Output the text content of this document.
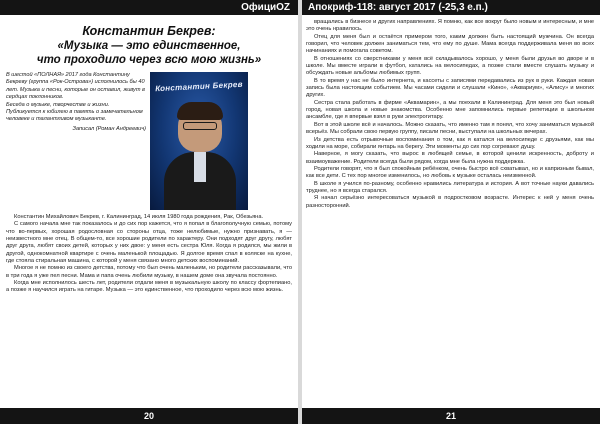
ОфициОZ

Константин Бекрев:

«Музыка — это единственное,

что проходило через всю мою жизнь»

В шестой «ПОЛНАЯ» 2017 года Константину Бекреву (группа «Рок-Острова») исполнилось бы 40 лет. Музыка и песни, которые он оставил, живут в сердцах поклонников.

Беседа о музыке, творчестве и жизни. Публикуется к юбилею в память о замечательном человеке и талантливом музыканте.

Записал (Роман Андреевич)

Константин Бекрев

Константин Михайлович Бекрев, г. Калининград, 14 июля 1980 года рождения, Рак, Обезьяна.

С самого начала мне так показалось и до сих пор кажется, что я попал в благополучную семью, потому что во-первых, хорошая родословная со стороны отца, тоже нелюбимые, нужно признавать, я — неизвестного мне отец. В общем-то, все хорошие родители по характеру. Они подходят друг другу, любят друг друга, любят своих детей, которых у них двое: у меня есть сестра Юля. Когда я родился, мы жили в другой, однокомнатной квартире с очень маленькой площадью. Я долгое время спал в коляске на кухне, где стояла стиральная машина, с которой у меня связано много детских воспоминаний.

Многое я не помню из своего детства, потому что был очень маленьким, но родители рассказывали, что в три года я уже пел песни. Мама и папа очень любили музыку, в нашем доме она звучала постоянно.

Когда мне исполнилось шесть лет, родители отдали меня в музыкальную школу по классу фортепиано, а позже я научился играть на гитаре. Музыка — это единственное, что проходило через всю мою жизнь.

20
Апокриф-118: август 2017 (-25,3 е.п.)

вращались в бизнесе и других направлениях. Я помню, как все вокруг было новым и интересным, и мне это очень нравилось.

Отец для меня был и остаётся примером того, каким должен быть настоящий мужчина. Он всегда говорил, что человек должен заниматься тем, что ему по душе. Мама всегда поддерживала меня во всех начинаниях и помогала советом.

В отношениях со сверстниками у меня всё складывалось хорошо, у меня были друзья во дворе и в школе. Мы вместе играли в футбол, катались на велосипедах, а позже стали вместе слушать музыку и обсуждать новые альбомы любимых групп.

В то время у нас не было интернета, и кассеты с записями передавались из рук в руки. Каждая новая запись была настоящим событием. Мы часами сидели и слушали «Кино», «Аквариум», «Алису» и многих других.

Сестра стала работать в фирме «Аквамарин», а мы поехали в Калининград. Для меня это был новый город, новая школа и новые знакомства. Особенно мне запомнились первые репетиции в школьном ансамбле, где я впервые взял в руки электрогитару.

Вот в этой школе всё и началось. Можно сказать, что именно там я понял, что хочу заниматься музыкой всерьёз. Мы собрали свою первую группу, писали песни, выступали на школьных вечерах.

Из детства есть отрывочные воспоминания о том, как я катался на велосипеде с друзьями, как мы ходили на море, собирали янтарь на берегу. Эти моменты до сих пор согревают душу.

Наверное, я могу сказать, что вырос в любящей семье, в которой ценили искренность, доброту и взаимоуважение. Родители всегда были рядом, когда мне была нужна поддержка.

Родители говорят, что я был спокойным ребёнком, очень быстро всё схватывал, но и капризным бывал, как все дети. С тех пор многое изменилось, но любовь к музыке осталась неизменной.

В школе я учился по-разному, особенно нравились литература и история. А вот точные науки давались труднее, но я всегда старался.

Я начал серьёзно интересоваться музыкой в подростковом возрасте. Интерес к ней у меня очень разносторонний.

21
